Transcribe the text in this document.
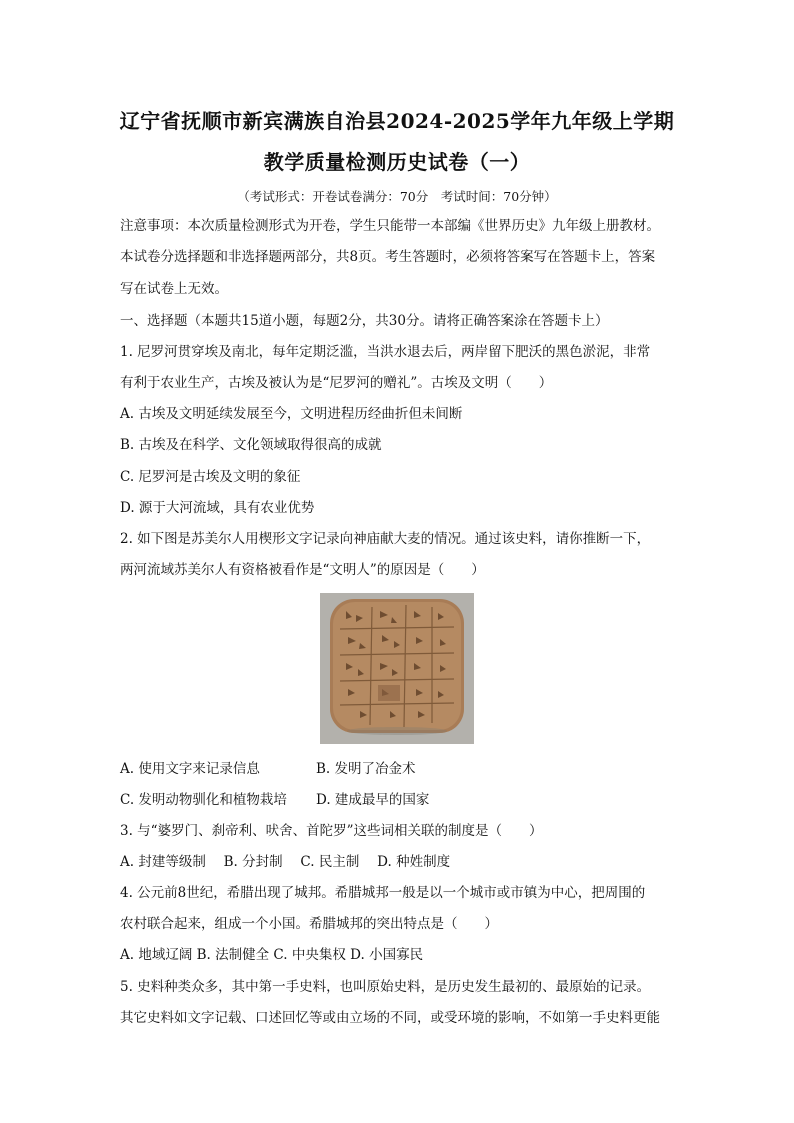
辽宁省抚顺市新宾满族自治县2024-2025学年九年级上学期
教学质量检测历史试卷（一）
（考试形式：开卷试卷满分：70分　考试时间：70分钟）
注意事项：本次质量检测形式为开卷，学生只能带一本部编《世界历史》九年级上册教材。
本试卷分选择题和非选择题两部分，共8页。考生答题时，必须将答案写在答题卡上，答案
写在试卷上无效。
一、选择题（本题共15道小题，每题2分，共30分。请将正确答案涂在答题卡上）
1. 尼罗河贯穿埃及南北，每年定期泛滥，当洪水退去后，两岸留下肥沃的黑色淤泥，非常
有利于农业生产，古埃及被认为是“尼罗河的赠礼”。古埃及文明（　　）
A. 古埃及文明延续发展至今，文明进程历经曲折但未间断
B. 古埃及在科学、文化领域取得很高的成就
C. 尼罗河是古埃及文明的象征
D. 源于大河流域，具有农业优势
2. 如下图是苏美尔人用楔形文字记录向神庙献大麦的情况。通过该史料，请你推断一下，
两河流域苏美尔人有资格被看作是“文明人”的原因是（　　）
A. 使用文字来记录信息	B. 发明了冶金术
C. 发明动物驯化和植物栽培 D. 建成最早的国家
3. 与“婆罗门、刹帝利、吠舍、首陀罗”这些词相关联的制度是（　　）
A. 封建等级制　 B. 分封制　 C. 民主制　 D. 种姓制度
4. 公元前8世纪，希腊出现了城邦。希腊城邦一般是以一个城市或市镇为中心，把周围的
农村联合起来，组成一个小国。希腊城邦的突出特点是（　　）
A. 地域辽阔 B. 法制健全 C. 中央集权 D. 小国寡民
5. 史料种类众多，其中第一手史料，也叫原始史料，是历史发生最初的、最原始的记录。
其它史料如文字记载、口述回忆等或由立场的不同，或受环境的影响，不如第一手史料更能
